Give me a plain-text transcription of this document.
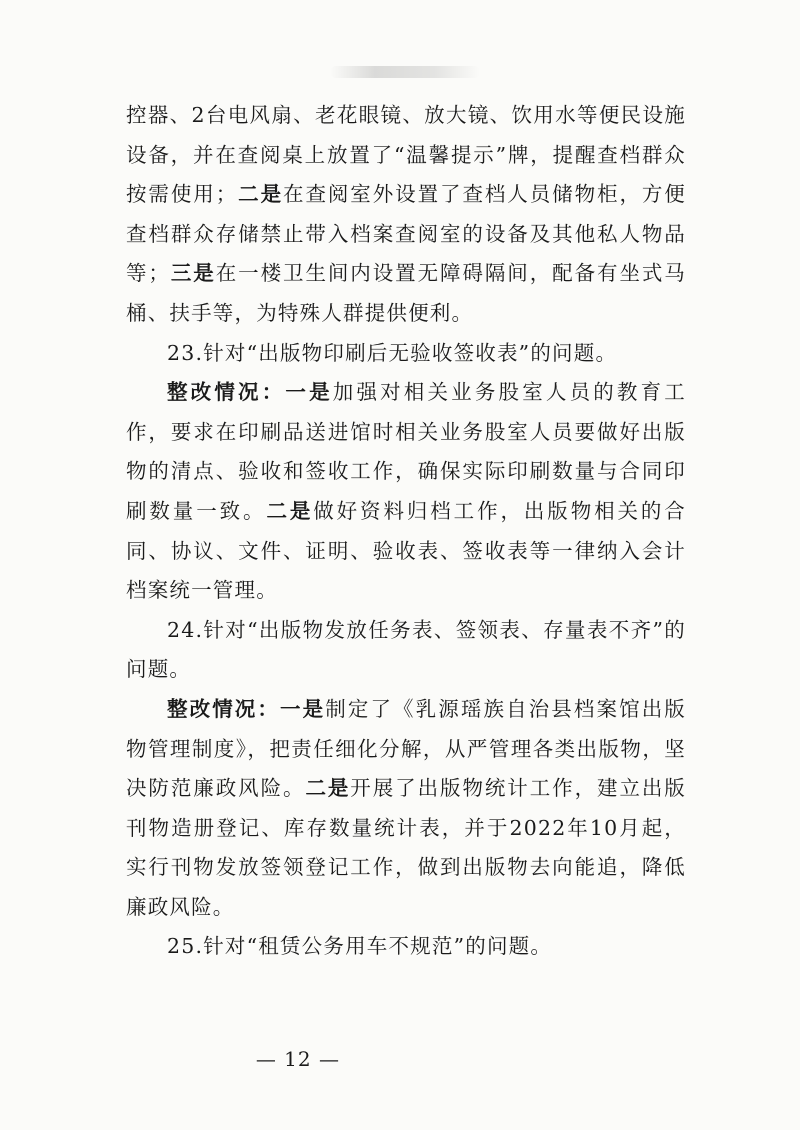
控器、2台电风扇、老花眼镜、放大镜、饮用水等便民设施设备，并在查阅桌上放置了“温馨提示”牌，提醒查档群众按需使用；二是在查阅室外设置了查档人员储物柜，方便查档群众存储禁止带入档案查阅室的设备及其他私人物品等；三是在一楼卫生间内设置无障碍隔间，配备有坐式马桶、扶手等，为特殊人群提供便利。

23.针对“出版物印刷后无验收签收表”的问题。

整改情况：一是加强对相关业务股室人员的教育工作，要求在印刷品送进馆时相关业务股室人员要做好出版物的清点、验收和签收工作，确保实际印刷数量与合同印刷数量一致。二是做好资料归档工作，出版物相关的合同、协议、文件、证明、验收表、签收表等一律纳入会计档案统一管理。

24.针对“出版物发放任务表、签领表、存量表不齐”的问题。

整改情况：一是制定了《乳源瑶族自治县档案馆出版物管理制度》，把责任细化分解，从严管理各类出版物，坚决防范廉政风险。二是开展了出版物统计工作，建立出版刊物造册登记、库存数量统计表，并于2022年10月起，实行刊物发放签领登记工作，做到出版物去向能追，降低廉政风险。

25.针对“租赁公务用车不规范”的问题。

— 12 —
